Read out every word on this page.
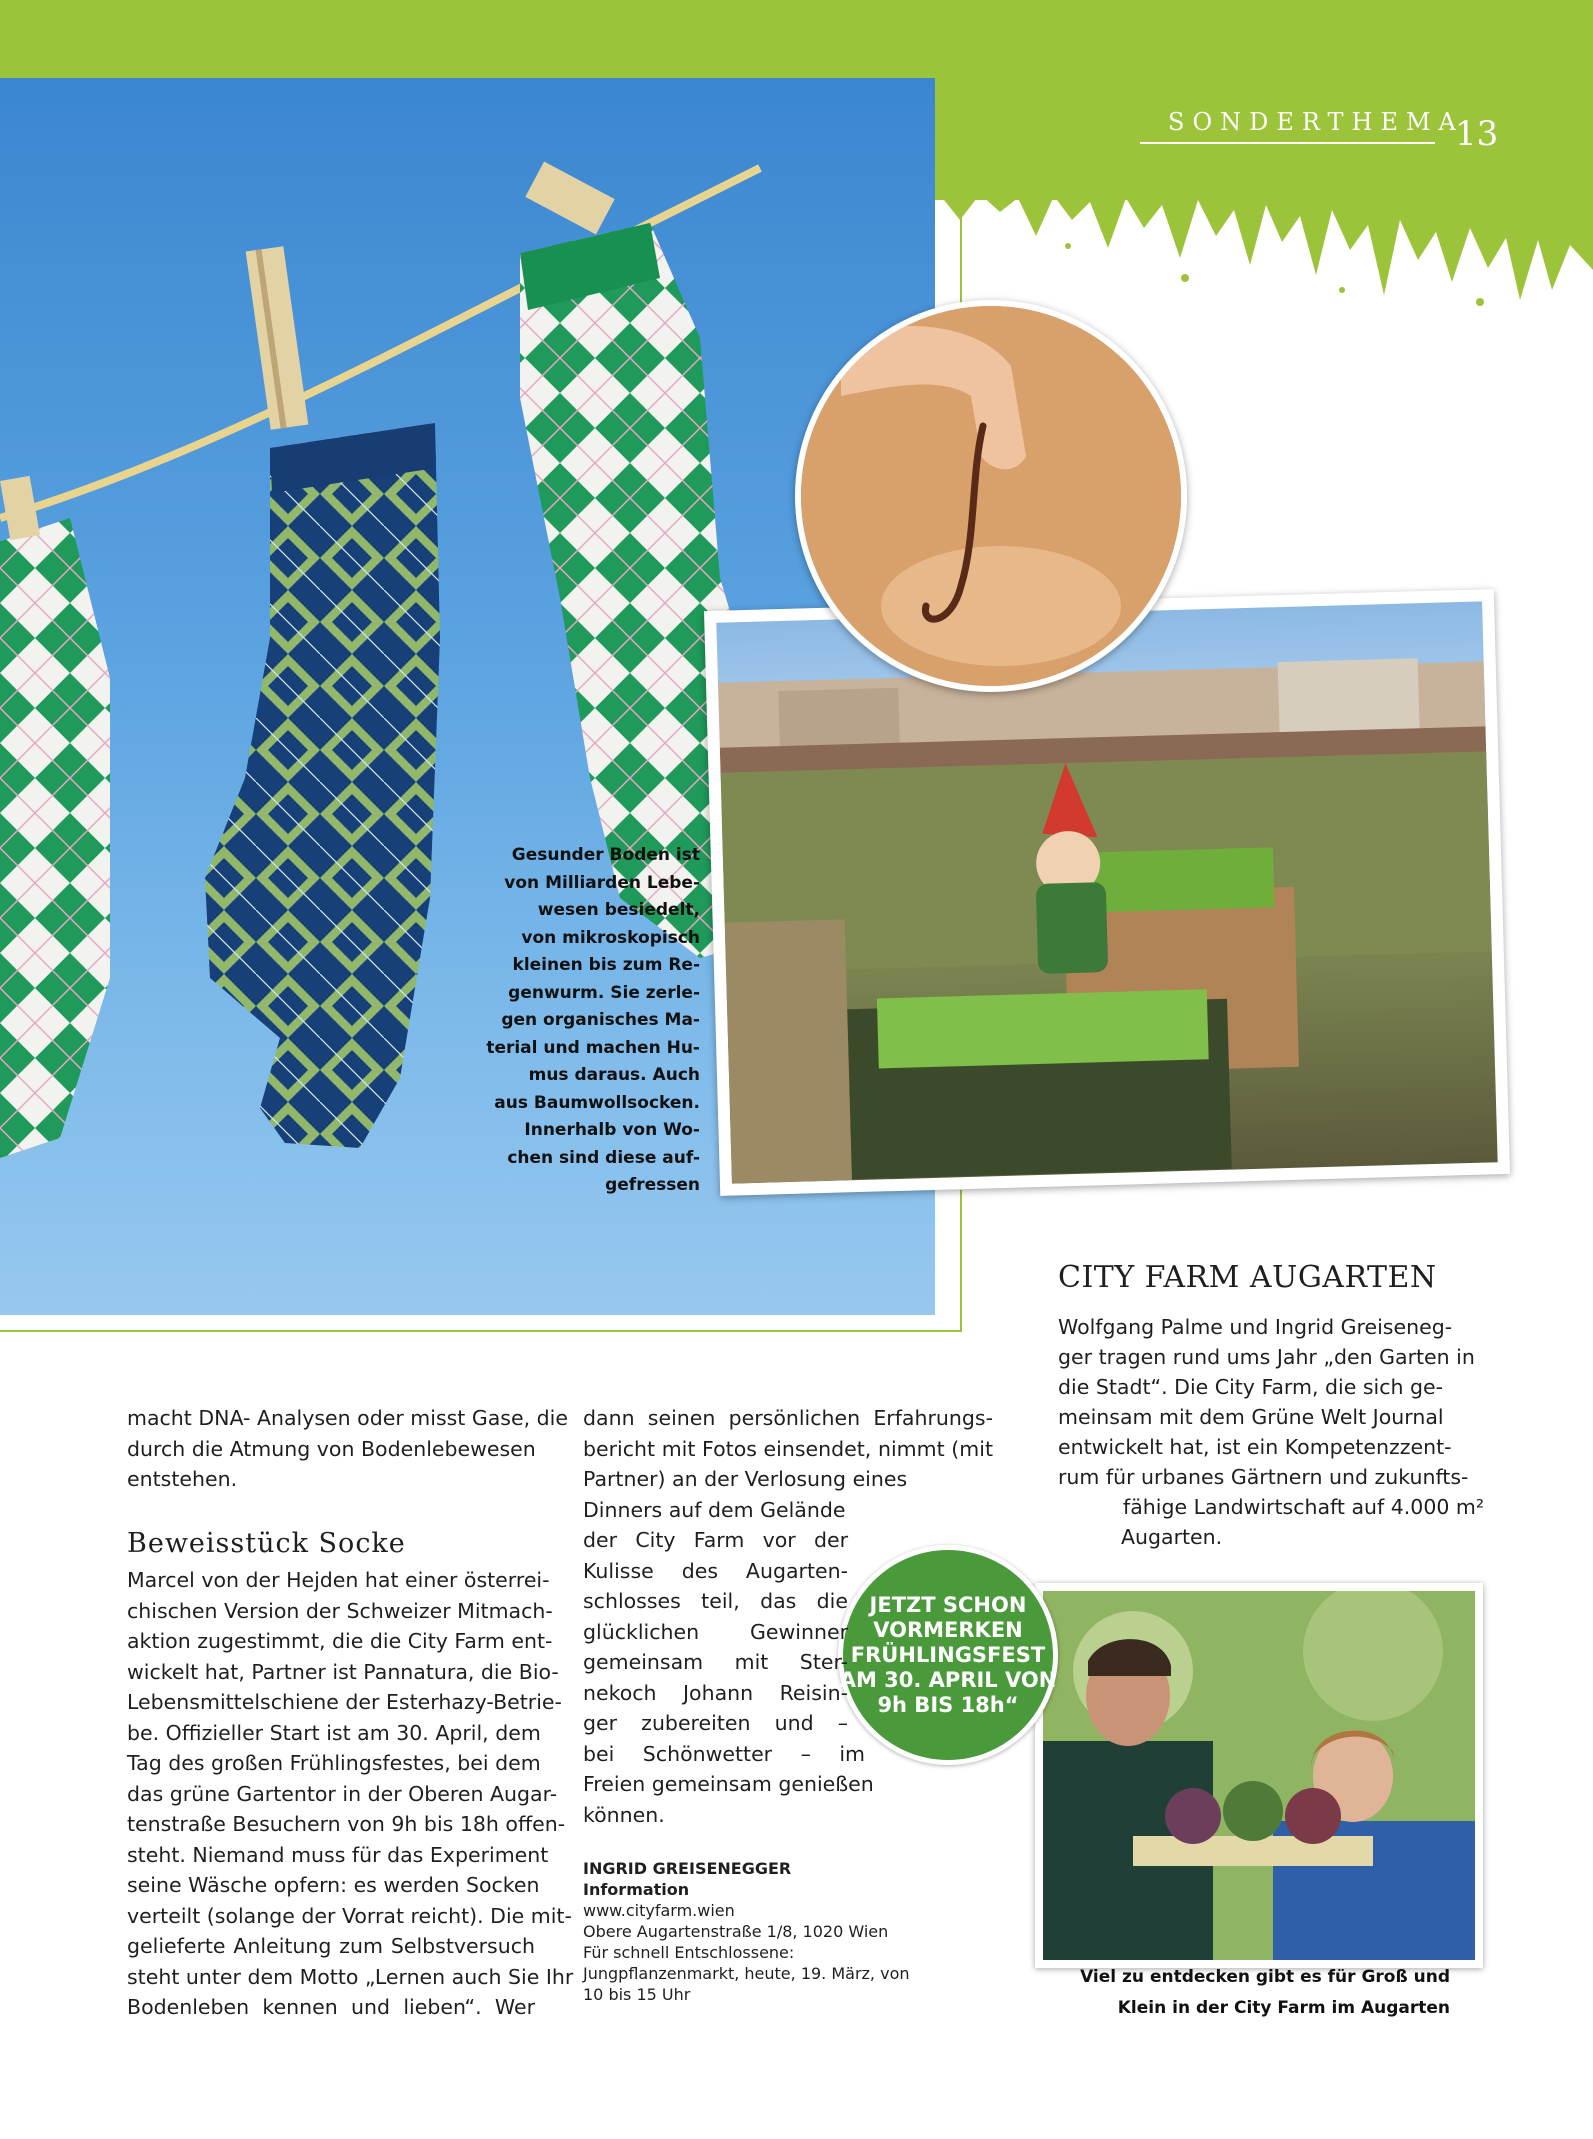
SONDERTHEMA
13
Gesunder Boden ist
von Milliarden Lebe-
wesen besiedelt,
von mikroskopisch
kleinen bis zum Re-
genwurm. Sie zerle-
gen organisches Ma-
terial und machen Hu-
mus daraus. Auch
aus Baumwollsocken.
Innerhalb von Wo-
chen sind diese auf-
gefressen
CITY FARM AUGARTEN
Wolfgang Palme und Ingrid Greiseneg-
ger tragen rund ums Jahr „den Garten in
die Stadt“. Die City Farm, die sich ge-
meinsam mit dem Grüne Welt Journal
entwickelt hat, ist ein Kompetenzzent-
rum für urbanes Gärtnern und zukunfts-
fähige Landwirtschaft auf 4.000 m²
Augarten.
Viel zu entdecken gibt es für Groß und
Klein in der City Farm im Augarten
JETZT SCHON
VORMERKEN
FRÜHLINGSFEST
AM 30. APRIL VON
9h BIS 18h“
macht DNA- Analysen oder misst Gase, die
durch die Atmung von Bodenlebewesen
entstehen.
Beweisstück Socke
Marcel von der Hejden hat einer österrei-
chischen Version der Schweizer Mitmach-
aktion zugestimmt, die die City Farm ent-
wickelt hat, Partner ist Pannatura, die Bio-
Lebensmittelschiene der Esterhazy-Betrie-
be. Offizieller Start ist am 30. April, dem
Tag des großen Frühlingsfestes, bei dem
das grüne Gartentor in der Oberen Augar-
tenstraße Besuchern von 9h bis 18h offen-
steht. Niemand muss für das Experiment
seine Wäsche opfern: es werden Socken
verteilt (solange der Vorrat reicht). Die mit-
gelieferte Anleitung zum Selbstversuch
steht unter dem Motto „Lernen auch Sie Ihr
Bodenleben kennen und lieben“. Wer
dann seinen persönlichen Erfahrungs-
bericht mit Fotos einsendet, nimmt (mit
Partner) an der Verlosung eines
Dinners auf dem Gelände
der City Farm vor der
Kulisse des Augarten-
schlosses teil, das die
glücklichen Gewinner
gemeinsam mit Ster-
nekoch Johann Reisin-
ger zubereiten und –
bei Schönwetter – im
Freien gemeinsam genießen
können.
INGRID GREISENEGGER
Information
www.cityfarm.wien
Obere Augartenstraße 1/8, 1020 Wien
Für schnell Entschlossene:
Jungpflanzenmarkt, heute, 19. März, von
10 bis 15 Uhr
